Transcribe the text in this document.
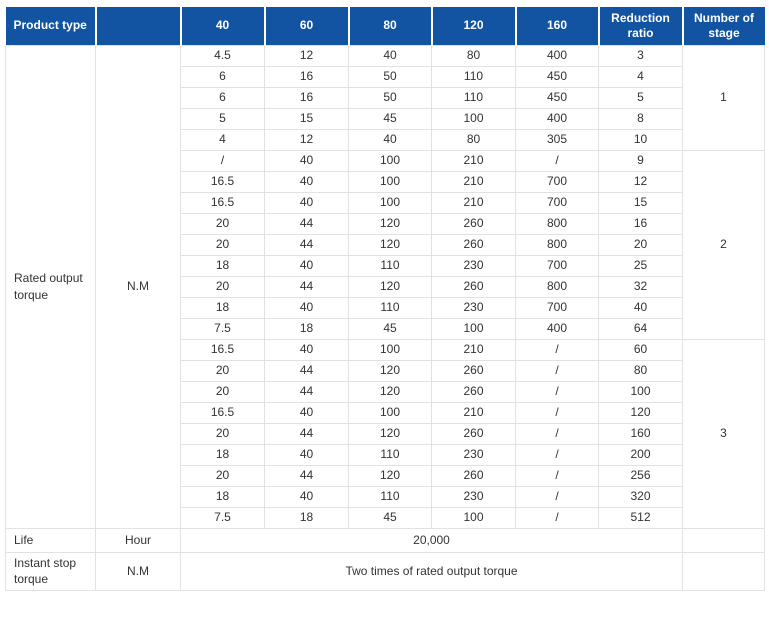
Product type		40	60	80	120	160	Reduction ratio	Number of stage
Rated output torque	N.M	4.5	12	40	80	400	3	1
		6	16	50	110	450	4	
		6	16	50	110	450	5	
		5	15	45	100	400	8	
		4	12	40	80	305	10	
		/	40	100	210	/	9	2
		16.5	40	100	210	700	12	
		16.5	40	100	210	700	15	
		20	44	120	260	800	16	
		20	44	120	260	800	20	
		18	40	110	230	700	25	
		20	44	120	260	800	32	
		18	40	110	230	700	40	
		7.5	18	45	100	400	64	
		16.5	40	100	210	/	60	3
		20	44	120	260	/	80	
		20	44	120	260	/	100	
		16.5	40	100	210	/	120	
		20	44	120	260	/	160	
		18	40	110	230	/	200	
		20	44	120	260	/	256	
		18	40	110	230	/	320	
		7.5	18	45	100	/	512	
Life	Hour	20,000						
Instant stop torque	N.M	Two times of rated output torque						
